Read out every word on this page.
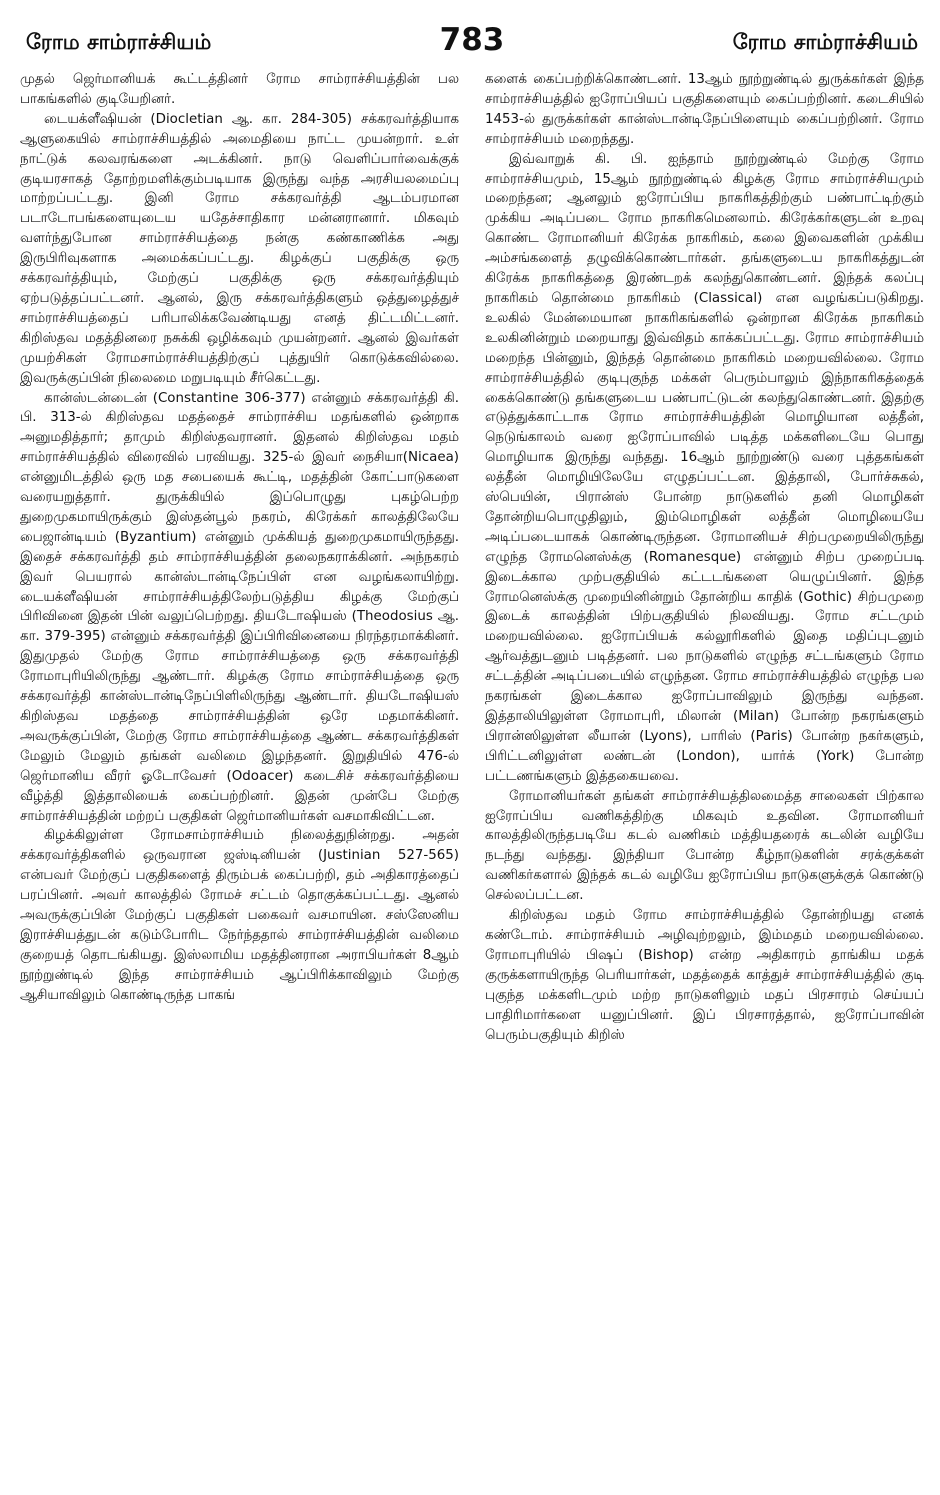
ரோம சாம்ராச்சியம்	783	ரோம சாம்ராச்சியம்

முதல் ஜெர்மானியக் கூட்டத்தினர் ரோம சாம்ராச்சியத்தின் பல பாகங்களில் குடியேறினர்.

டையக்ளீஷியன் (Diocletian ஆ. கா. 284-305) சக்கரவர்த்தியாக ஆளுகையில் சாம்ராச்சியத்தில் அமைதியை நாட்ட முயன்றார். உள் நாட்டுக் கலவரங்களை அடக்கினர். நாடு வெளிப்பார்வைக்குக் குடியரசாகத் தோற்றமளிக்கும்படியாக இருந்து வந்த அரசியலமைப்பு மாற்றப்பட்டது. இனி ரோம சக்கரவர்த்தி ஆடம்பரமான படாடோபங்களையுடைய யதேச்சாதிகார மன்னரானார். மிகவும் வளர்ந்துபோன சாம்ராச்சியத்தை நன்கு கண்காணிக்க அது இருபிரிவுகளாக அமைக்கப்பட்டது. கிழக்குப் பகுதிக்கு ஒரு சக்கரவர்த்தியும், மேற்குப் பகுதிக்கு ஒரு சக்கரவர்த்தியும் ஏற்படுத்தப்பட்டனர். ஆனல், இரு சக்கரவர்த்திகளும் ஒத்துழைத்துச் சாம்ராச்சியத்தைப் பரிபாலிக்கவேண்டியது எனத் திட்டமிட்டனர். கிறிஸ்தவ மதத்தினரை நசுக்கி ஒழிக்கவும் முயன்றனர். ஆனல் இவர்கள் முயற்சிகள் ரோமசாம்ராச்சியத்திற்குப் புத்துயிர் கொடுக்கவில்லை. இவருக்குப்பின் நிலைமை மறுபடியும் சீர்கெட்டது.

கான்ஸ்டன்டைன் (Constantine 306-377) என்னும் சக்கரவர்த்தி கி. பி. 313-ல் கிறிஸ்தவ மதத்தைச் சாம்ராச்சிய மதங்களில் ஒன்றாக அனுமதித்தார்; தாமும் கிறிஸ்தவரானர். இதனல் கிறிஸ்தவ மதம் சாம்ராச்சியத்தில் விரைவில் பரவியது. 325-ல் இவர் நைசியா(Nicaea) என்னுமிடத்தில் ஒரு மத சபையைக் கூட்டி, மதத்தின் கோட்பாடுகளை வரையறுத்தார். துருக்கியில் இப்பொழுது புகழ்பெற்ற துறைமுகமாயிருக்கும் இஸ்தன்பூல் நகரம், கிரேக்கர் காலத்திலேயே பைஜான்டியம் (Byzantium) என்னும் முக்கியத் துறைமுகமாயிருந்தது. இதைச் சக்கரவர்த்தி தம் சாம்ராச்சியத்தின் தலைநகராக்கினர். அந்நகரம் இவர் பெயரால் கான்ஸ்டான்டிநேப்பிள் என வழங்கலாயிற்று. டையக்ளீஷியன் சாம்ராச்சியத்திலேற்படுத்திய கிழக்கு மேற்குப் பிரிவினை இதன் பின் வலுப்பெற்றது. தியடோஷியஸ் (Theodosius ஆ. கா. 379-395) என்னும் சக்கரவர்த்தி இப்பிரிவினையை நிரந்தரமாக்கினர். இதுமுதல் மேற்கு ரோம சாம்ராச்சியத்தை ஒரு சக்கரவர்த்தி ரோமாபுரியிலிருந்து ஆண்டார். கிழக்கு ரோம சாம்ராச்சியத்தை ஒரு சக்கரவர்த்தி கான்ஸ்டான்டிநேப்பிளிலிருந்து ஆண்டார். தியடோஷியஸ் கிறிஸ்தவ மதத்தை சாம்ராச்சியத்தின் ஒரே மதமாக்கினர். அவருக்குப்பின், மேற்கு ரோம சாம்ராச்சியத்தை ஆண்ட சக்கரவர்த்திகள் மேலும் மேலும் தங்கள் வலிமை இழந்தனர். இறுதியில் 476-ல் ஜெர்மானிய வீரர் ஓடோவேசர் (Odoacer) கடைசிச் சக்கரவர்த்தியை வீழ்த்தி இத்தாலியைக் கைப்பற்றினர். இதன் முன்பே மேற்கு சாம்ராச்சியத்தின் மற்றப் பகுதிகள் ஜெர்மானியர்கள் வசமாகிவிட்டன.

கிழக்கிலுள்ள ரோமசாம்ராச்சியம் நிலைத்துநின்றது. அதன் சக்கரவர்த்திகளில் ஒருவரான ஜஸ்டினியன் (Justinian 527-565) என்பவர் மேற்குப் பகுதிகளைத் திரும்பக் கைப்பற்றி, தம் அதிகாரத்தைப் பரப்பினர். அவர் காலத்தில் ரோமச் சட்டம் தொகுக்கப்பட்டது. ஆனல் அவருக்குப்பின் மேற்குப் பகுதிகள் பகைவர் வசமாயின. சஸ்ஸேனிய இராச்சியத்துடன் கடும்போரிட நேர்ந்ததால் சாம்ராச்சியத்தின் வலிமை குறையத் தொடங்கியது. இஸ்லாமிய மதத்தினரான அராபியர்கள் 8ஆம் நூற்றுண்டில் இந்த சாம்ராச்சியம் ஆப்பிரிக்காவிலும் மேற்கு ஆசியாவிலும் கொண்டிருந்த பாகங்

களைக் கைப்பற்றிக்கொண்டனர். 13ஆம் நூற்றுண்டில் துருக்கர்கள் இந்த சாம்ராச்சியத்தில் ஐரோப்பியப் பகுதிகளையும் கைப்பற்றினர். கடைசியில் 1453-ல் துருக்கர்கள் கான்ஸ்டான்டிநேப்பிளையும் கைப்பற்றினர். ரோம சாம்ராச்சியம் மறைந்தது.

இவ்வாறுக் கி. பி. ஐந்தாம் நூற்றுண்டில் மேற்கு ரோம சாம்ராச்சியமும், 15ஆம் நூற்றுண்டில் கிழக்கு ரோம சாம்ராச்சியமும் மறைந்தன; ஆனலும் ஐரோப்பிய நாகரிகத்திற்கும் பண்பாட்டிற்கும் முக்கிய அடிப்படை ரோம நாகரிகமெனலாம். கிரேக்கர்களுடன் உறவு கொண்ட ரோமானியர் கிரேக்க நாகரிகம், கலை இவைகளின் முக்கிய அம்சங்களைத் தழுவிக்கொண்டார்கள். தங்களுடைய நாகரிகத்துடன் கிரேக்க நாகரிகத்தை இரண்டறக் கலந்துகொண்டனர். இந்தக் கலப்பு நாகரிகம் தொன்மை நாகரிகம் (Classical) என வழங்கப்படுகிறது. உலகில் மேன்மையான நாகரிகங்களில் ஒன்றான கிரேக்க நாகரிகம் உலகினின்றும் மறையாது இவ்விதம் காக்கப்பட்டது. ரோம சாம்ராச்சியம் மறைந்த பின்னும், இந்தத் தொன்மை நாகரிகம் மறையவில்லை. ரோம சாம்ராச்சியத்தில் குடிபுகுந்த மக்கள் பெரும்பாலும் இந்நாகரிகத்தைக் கைக்கொண்டு தங்களுடைய பண்பாட்டுடன் கலந்துகொண்டனர். இதற்கு எடுத்துக்காட்டாக ரோம சாம்ராச்சியத்தின் மொழியான லத்தீன், நெடுங்காலம் வரை ஐரோப்பாவில் படித்த மக்களிடையே பொது மொழியாக இருந்து வந்தது. 16ஆம் நூற்றுண்டு வரை புத்தகங்கள் லத்தீன் மொழியிலேயே எழுதப்பட்டன. இத்தாலி, போர்ச்சுகல், ஸ்பெயின், பிரான்ஸ் போன்ற நாடுகளில் தனி மொழிகள் தோன்றியபொழுதிலும், இம்மொழிகள் லத்தீன் மொழியையே அடிப்படையாகக் கொண்டிருந்தன. ரோமானியச் சிற்பமுறையிலிருந்து எழுந்த ரோமனெஸ்க்கு (Romanesque) என்னும் சிற்ப முறைப்படி இடைக்கால முற்பகுதியில் கட்டடங்களை யெழுப்பினர். இந்த ரோமனெஸ்க்கு முறையினின்றும் தோன்றிய காதிக் (Gothic) சிற்பமுறை இடைக் காலத்தின் பிற்பகுதியில் நிலவியது. ரோம சட்டமும் மறையவில்லை. ஐரோப்பியக் கல்லூரிகளில் இதை மதிப்புடனும் ஆர்வத்துடனும் படித்தனர். பல நாடுகளில் எழுந்த சட்டங்களும் ரோம சட்டத்தின் அடிப்படையில் எழுந்தன. ரோம சாம்ராச்சியத்தில் எழுந்த பல நகரங்கள் இடைக்கால ஐரோப்பாவிலும் இருந்து வந்தன. இத்தாலியிலுள்ள ரோமாபுரி, மிலான் (Milan) போன்ற நகரங்களும் பிரான்ஸிலுள்ள லீயான் (Lyons), பாரிஸ் (Paris) போன்ற நகர்களும், பிரிட்டனிலுள்ள லண்டன் (London), யார்க் (York) போன்ற பட்டணங்களும் இத்தகையவை.

ரோமானியர்கள் தங்கள் சாம்ராச்சியத்திலமைத்த சாலைகள் பிற்கால ஐரோப்பிய வணிகத்திற்கு மிகவும் உதவின. ரோமானியர் காலத்திலிருந்தபடியே கடல் வணிகம் மத்தியதரைக் கடலின் வழியே நடந்து வந்தது. இந்தியா போன்ற கீழ்நாடுகளின் சரக்குக்கள் வணிகர்களால் இந்தக் கடல் வழியே ஐரோப்பிய நாடுகளுக்குக் கொண்டு செல்லப்பட்டன.

கிறிஸ்தவ மதம் ரோம சாம்ராச்சியத்தில் தோன்றியது எனக் கண்டோம். சாம்ராச்சியம் அழிவுற்றலும், இம்மதம் மறையவில்லை. ரோமாபுரியில் பிஷப் (Bishop) என்ற அதிகாரம் தாங்கிய மதக் குருக்களாயிருந்த பெரியார்கள், மதத்தைக் காத்துச் சாம்ராச்சியத்தில் குடி புகுந்த மக்களிடமும் மற்ற நாடுகளிலும் மதப் பிரசாரம் செய்யப் பாதிரிமார்களை யனுப்பினர். இப் பிரசாரத்தால், ஐரோப்பாவின் பெரும்பகுதியும் கிறிஸ்
